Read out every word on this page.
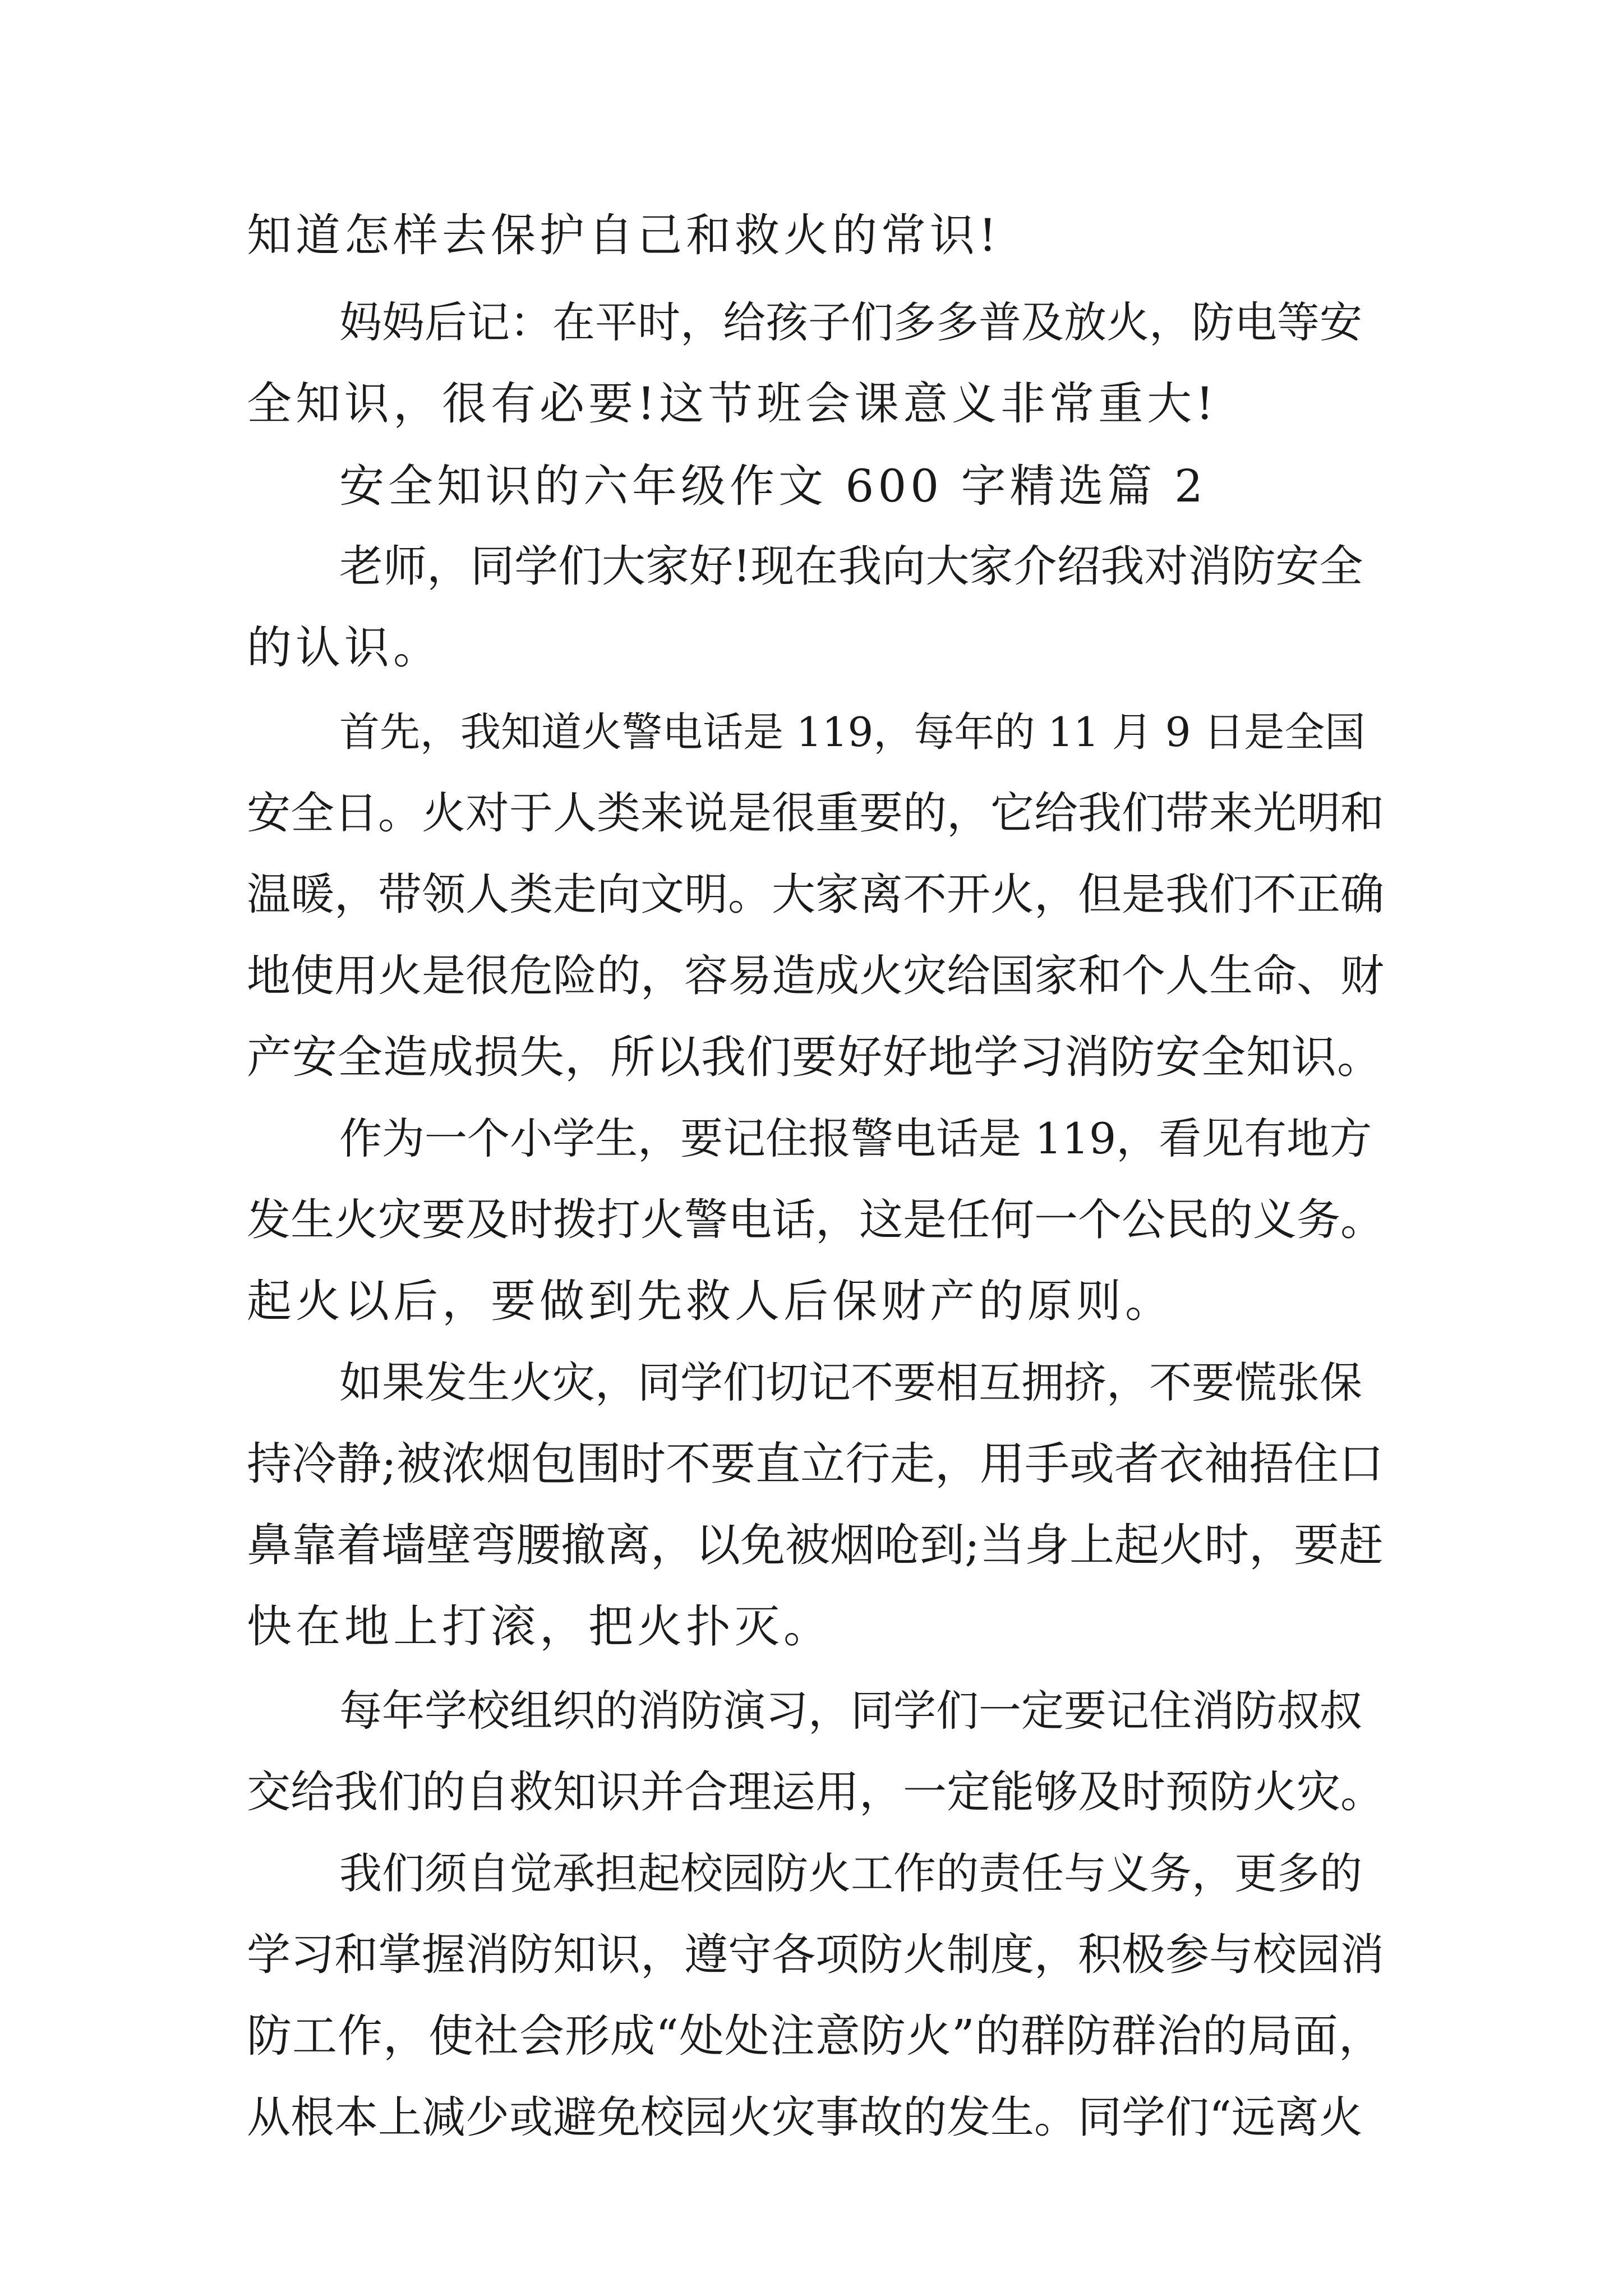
知道怎样去保护自己和救火的常识!
妈妈后记：在平时，给孩子们多多普及放火，防电等安
全知识，很有必要!这节班会课意义非常重大!
安全知识的六年级作文 600 字精选篇 2
老师，同学们大家好!现在我向大家介绍我对消防安全
的认识。
首先，我知道火警电话是 119，每年的 11 月 9 日是全国
安全日。火对于人类来说是很重要的，它给我们带来光明和
温暖，带领人类走向文明。大家离不开火，但是我们不正确
地使用火是很危险的，容易造成火灾给国家和个人生命、财
产安全造成损失，所以我们要好好地学习消防安全知识。
作为一个小学生，要记住报警电话是 119，看见有地方
发生火灾要及时拨打火警电话，这是任何一个公民的义务。
起火以后，要做到先救人后保财产的原则。
如果发生火灾，同学们切记不要相互拥挤，不要慌张保
持冷静;被浓烟包围时不要直立行走，用手或者衣袖捂住口
鼻靠着墙壁弯腰撤离，以免被烟呛到;当身上起火时，要赶
快在地上打滚，把火扑灭。
每年学校组织的消防演习，同学们一定要记住消防叔叔
交给我们的自救知识并合理运用，一定能够及时预防火灾。
我们须自觉承担起校园防火工作的责任与义务，更多的
学习和掌握消防知识，遵守各项防火制度，积极参与校园消
防工作，使社会形成“处处注意防火”的群防群治的局面，
从根本上减少或避免校园火灾事故的发生。同学们“远离火
